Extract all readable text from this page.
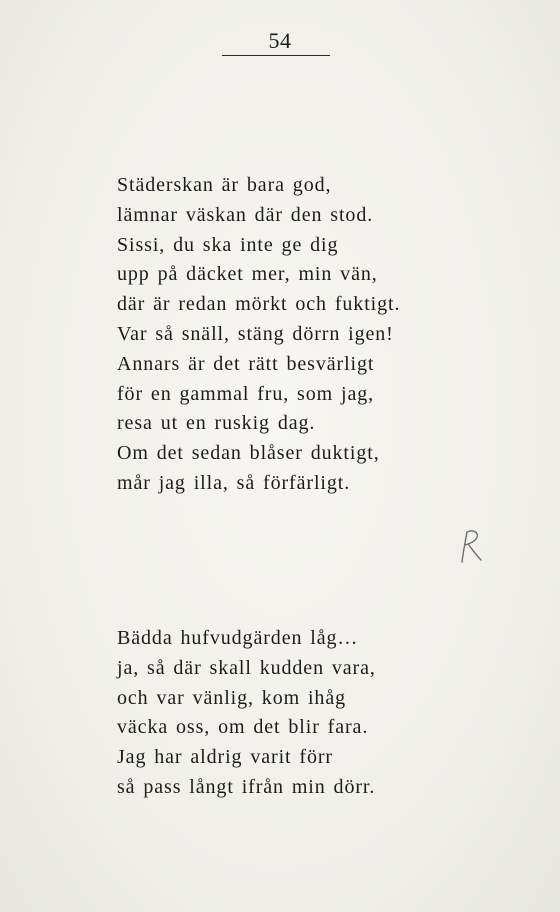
54
Städerskan är bara god,
lämnar väskan där den stod.
Sissi, du ska inte ge dig
upp på däcket mer, min vän,
där är redan mörkt och fuktigt.
Var så snäll, stäng dörrn igen!
Annars är det rätt besvärligt
för en gammal fru, som jag,
resa ut en ruskig dag.
Om det sedan blåser duktigt,
mår jag illa, så förfärligt.
Bädda hufvudgärden låg…
ja, så där skall kudden vara,
och var vänlig, kom ihåg
väcka oss, om det blir fara.
Jag har aldrig varit förr
så pass långt ifrån min dörr.
